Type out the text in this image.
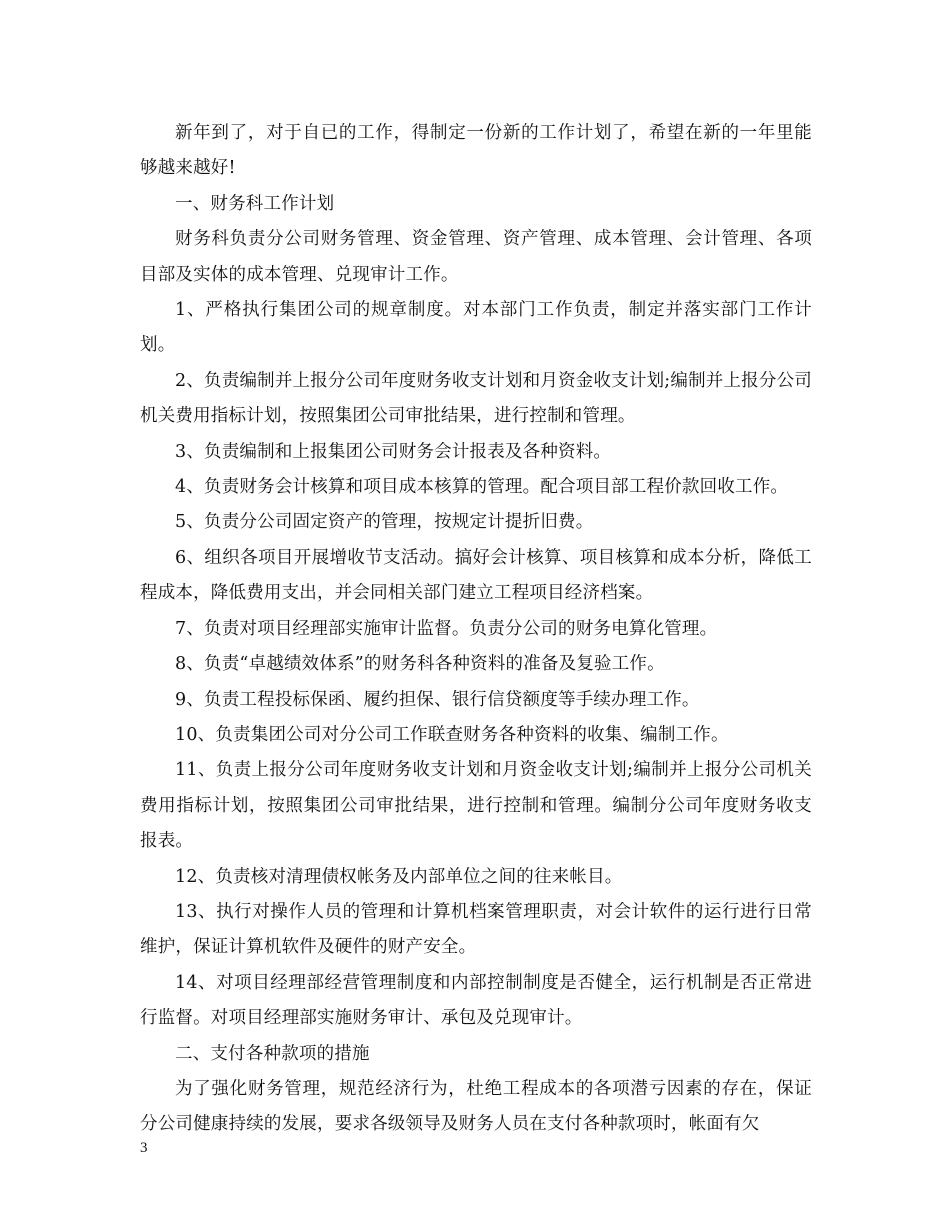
新年到了，对于自已的工作，得制定一份新的工作计划了，希望在新的一年里能够越来越好!

一、财务科工作计划

财务科负责分公司财务管理、资金管理、资产管理、成本管理、会计管理、各项目部及实体的成本管理、兑现审计工作。

1、严格执行集团公司的规章制度。对本部门工作负责，制定并落实部门工作计划。

2、负责编制并上报分公司年度财务收支计划和月资金收支计划;编制并上报分公司机关费用指标计划，按照集团公司审批结果，进行控制和管理。

3、负责编制和上报集团公司财务会计报表及各种资料。

4、负责财务会计核算和项目成本核算的管理。配合项目部工程价款回收工作。

5、负责分公司固定资产的管理，按规定计提折旧费。

6、组织各项目开展增收节支活动。搞好会计核算、项目核算和成本分析，降低工程成本，降低费用支出，并会同相关部门建立工程项目经济档案。

7、负责对项目经理部实施审计监督。负责分公司的财务电算化管理。

8、负责“卓越绩效体系”的财务科各种资料的准备及复验工作。

9、负责工程投标保函、履约担保、银行信贷额度等手续办理工作。

10、负责集团公司对分公司工作联查财务各种资料的收集、编制工作。

11、负责上报分公司年度财务收支计划和月资金收支计划;编制并上报分公司机关费用指标计划，按照集团公司审批结果，进行控制和管理。编制分公司年度财务收支报表。

12、负责核对清理债权帐务及内部单位之间的往来帐目。

13、执行对操作人员的管理和计算机档案管理职责，对会计软件的运行进行日常维护，保证计算机软件及硬件的财产安全。

14、对项目经理部经营管理制度和内部控制制度是否健全，运行机制是否正常进行监督。对项目经理部实施财务审计、承包及兑现审计。

二、支付各种款项的措施

为了强化财务管理，规范经济行为，杜绝工程成本的各项潜亏因素的存在，保证分公司健康持续的发展，要求各级领导及财务人员在支付各种款项时，帐面有欠

3
